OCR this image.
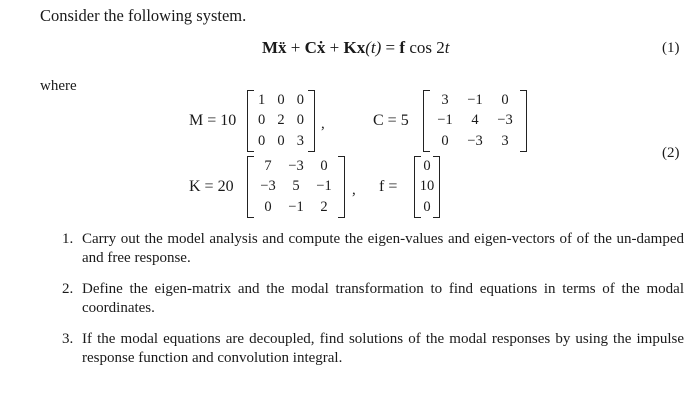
Consider the following system.
Mẍ + Cẋ + Kx(t) = f cos 2t	(1)
where
M = 10
1 0 0
0 2 0
0 0 3
,	C = 5
3 −1 0
−1 4 −3
0 −3 3
(2)
K = 20
7 −3 0
−3 5 −1
0 −1 2
, f =
0
10
0
1. Carry out the model analysis and compute the eigen-values and eigen-vectors of of the un-damped and free response.
2. Define the eigen-matrix and the modal transformation to find equations in terms of the modal coordinates.
3. If the modal equations are decoupled, find solutions of the modal responses by using the impulse response function and convolution integral.
